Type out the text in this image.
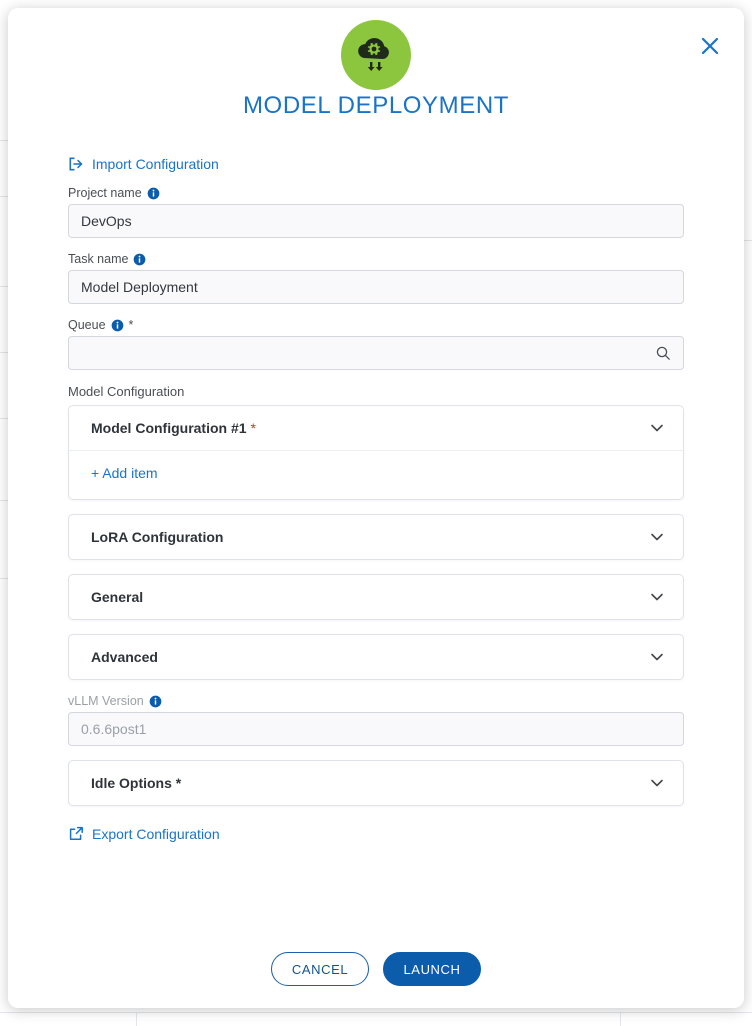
MODEL DEPLOYMENT
Import Configuration
Project name
DevOps
Task name
Model Deployment
Queue *
Model Configuration
Model Configuration #1 *
+ Add item
LoRA Configuration
General
Advanced
vLLM Version
0.6.6post1
Idle Options *
Export Configuration
CANCEL	LAUNCH
